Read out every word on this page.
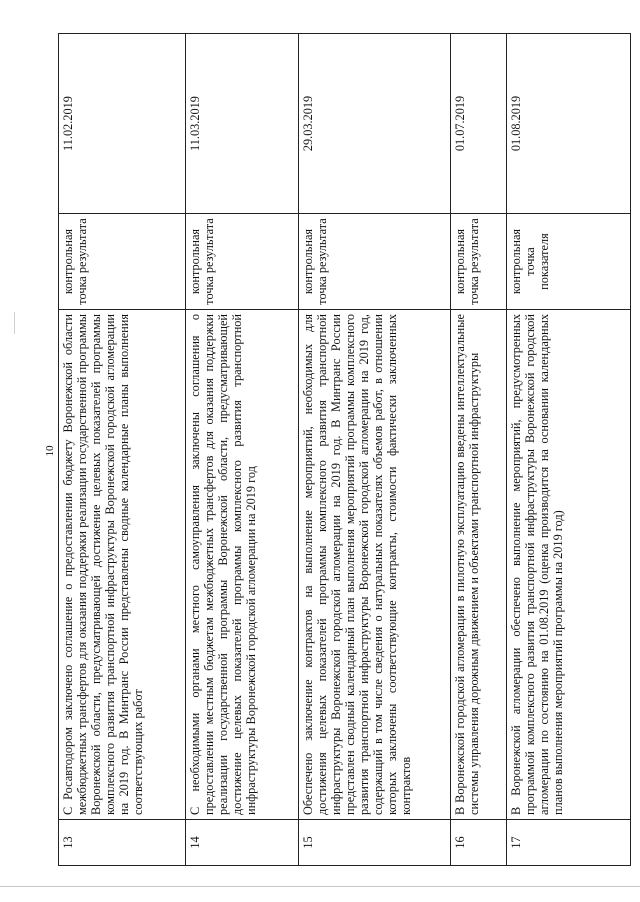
10
13	С Росавтодором заключено соглашение о предоставлении бюджету Воронежской области межбюджетных трансфертов для оказания поддержки реализации государственной программы Воронежской области, предусматривающей достижение целевых показателей программы комплексного развития транспортной инфраструктуры Воронежской городской агломерации на 2019 год. В Минтранс России представлены сводные календарные планы выполнения соответствующих работ	контрольная точка результата	11.02.2019
14	С необходимыми органами местного самоуправления заключены соглашения о предоставлении местным бюджетам межбюджетных трансфертов для оказания поддержки реализации государственной программы Воронежской области, предусматривающей достижение целевых показателей программы комплексного развития транспортной инфраструктуры Воронежской городской агломерации на 2019 год	контрольная точка результата	11.03.2019
15	Обеспечено заключение контрактов на выполнение мероприятий, необходимых для достижения целевых показателей программы комплексного развития транспортной инфраструктуры Воронежской городской агломерации на 2019 год. В Минтранс России представлен сводный календарный план выполнения мероприятий программы комплексного развития транспортной инфраструктуры Воронежской городской агломерации на 2019 год, содержащий в том числе сведения о натуральных показателях объемов работ, в отношении которых заключены соответствующие контракты, стоимости фактически заключенных контрактов	контрольная точка результата	29.03.2019
16	В Воронежской городской агломерации в пилотную эксплуатацию введены интеллектуальные системы управления дорожным движением и объектами транспортной инфраструктуры	контрольная точка результата	01.07.2019
17	В Воронежской агломерации обеспечено выполнение мероприятий, предусмотренных программой комплексного развития транспортной инфраструктуры Воронежской городской агломерации по состоянию на 01.08.2019 (оценка производится на основании календарных планов выполнения мероприятий программы на 2019 год)	контрольная точка показателя	01.08.2019
